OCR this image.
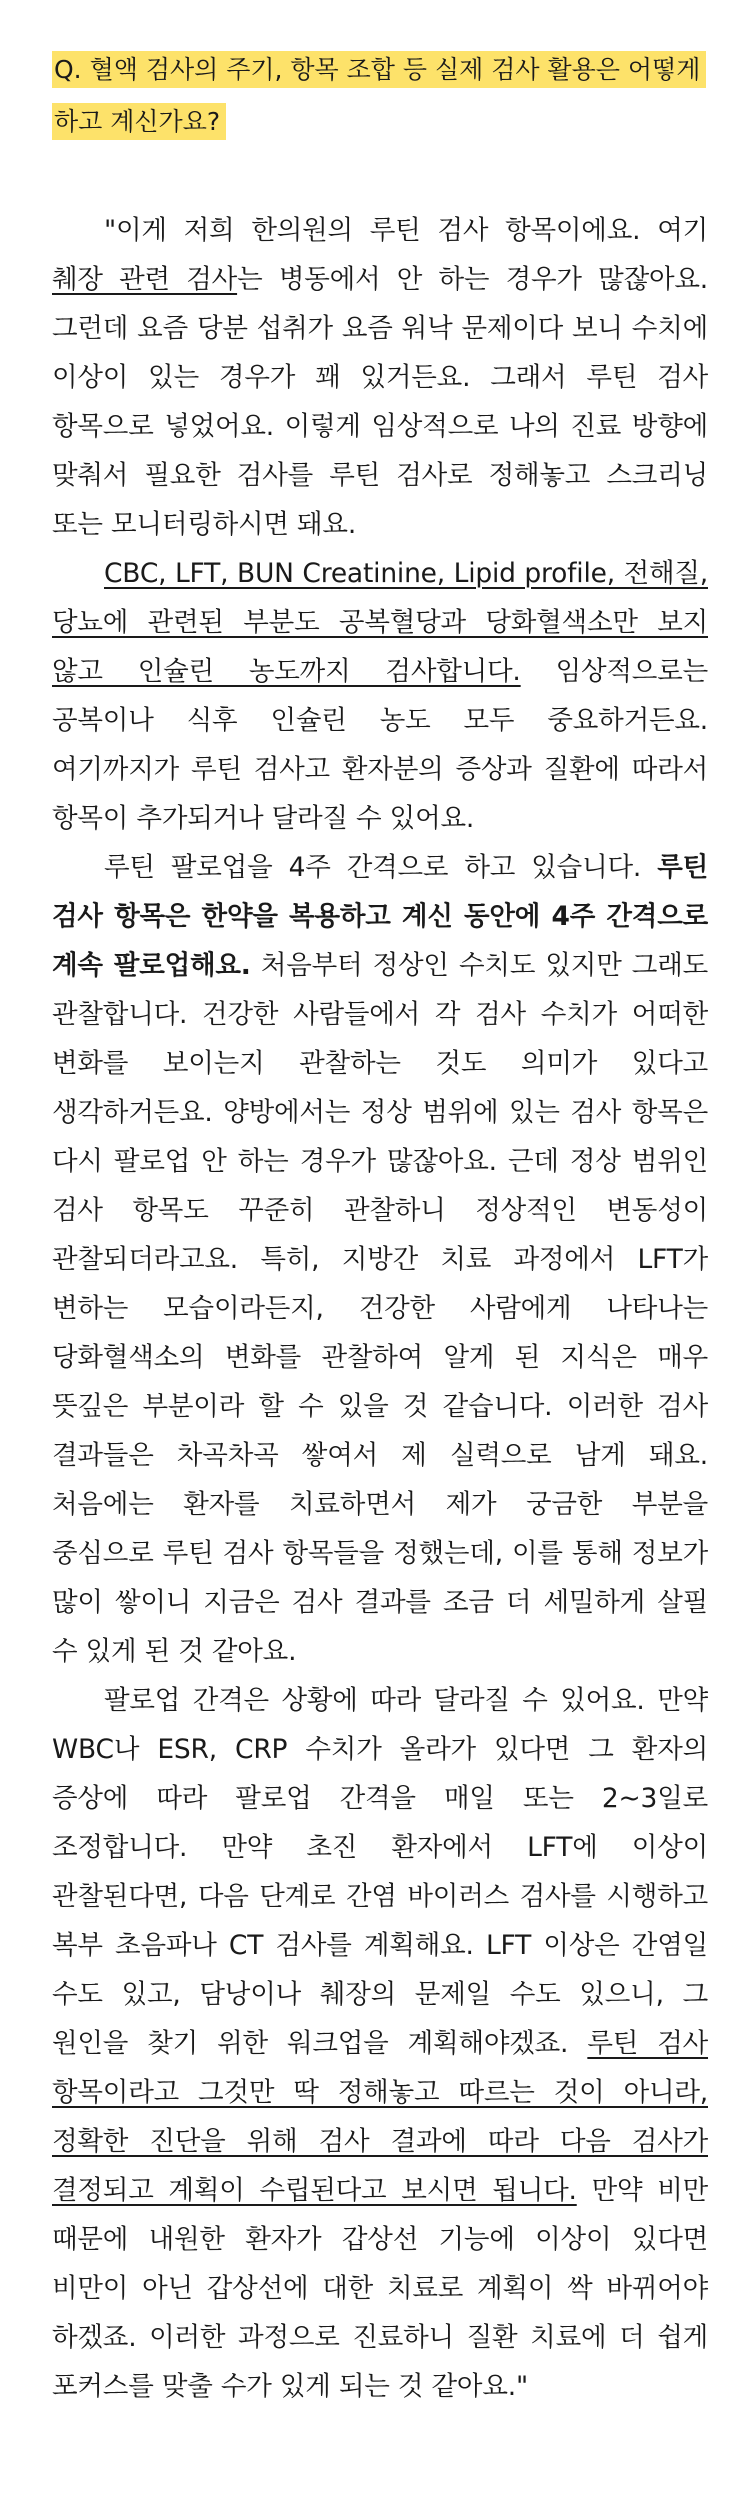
Q. 혈액 검사의 주기, 항목 조합 등 실제 검사 활용은 어떻게 하고 계신가요?

"이게 저희 한의원의 루틴 검사 항목이에요. 여기 췌장 관련 검사는 병동에서 안 하는 경우가 많잖아요. 그런데 요즘 당분 섭취가 요즘 워낙 문제이다 보니 수치에 이상이 있는 경우가 꽤 있거든요. 그래서 루틴 검사 항목으로 넣었어요. 이렇게 임상적으로 나의 진료 방향에 맞춰서 필요한 검사를 루틴 검사로 정해놓고 스크리닝 또는 모니터링하시면 돼요.

CBC, LFT, BUN Creatinine, Lipid profile, 전해질, 당뇨에 관련된 부분도 공복혈당과 당화혈색소만 보지 않고 인슐린 농도까지 검사합니다. 임상적으로는 공복이나 식후 인슐린 농도 모두 중요하거든요. 여기까지가 루틴 검사고 환자분의 증상과 질환에 따라서 항목이 추가되거나 달라질 수 있어요.

루틴 팔로업을 4주 간격으로 하고 있습니다. 루틴 검사 항목은 한약을 복용하고 계신 동안에 4주 간격으로 계속 팔로업해요. 처음부터 정상인 수치도 있지만 그래도 관찰합니다. 건강한 사람들에서 각 검사 수치가 어떠한 변화를 보이는지 관찰하는 것도 의미가 있다고 생각하거든요. 양방에서는 정상 범위에 있는 검사 항목은 다시 팔로업 안 하는 경우가 많잖아요. 근데 정상 범위인 검사 항목도 꾸준히 관찰하니 정상적인 변동성이 관찰되더라고요. 특히, 지방간 치료 과정에서 LFT가 변하는 모습이라든지, 건강한 사람에게 나타나는 당화혈색소의 변화를 관찰하여 알게 된 지식은 매우 뜻깊은 부분이라 할 수 있을 것 같습니다. 이러한 검사 결과들은 차곡차곡 쌓여서 제 실력으로 남게 돼요. 처음에는 환자를 치료하면서 제가 궁금한 부분을 중심으로 루틴 검사 항목들을 정했는데, 이를 통해 정보가 많이 쌓이니 지금은 검사 결과를 조금 더 세밀하게 살필 수 있게 된 것 같아요.

팔로업 간격은 상황에 따라 달라질 수 있어요. 만약 WBC나 ESR, CRP 수치가 올라가 있다면 그 환자의 증상에 따라 팔로업 간격을 매일 또는 2~3일로 조정합니다. 만약 초진 환자에서 LFT에 이상이 관찰된다면, 다음 단계로 간염 바이러스 검사를 시행하고 복부 초음파나 CT 검사를 계획해요. LFT 이상은 간염일 수도 있고, 담낭이나 췌장의 문제일 수도 있으니, 그 원인을 찾기 위한 워크업을 계획해야겠죠. 루틴 검사 항목이라고 그것만 딱 정해놓고 따르는 것이 아니라, 정확한 진단을 위해 검사 결과에 따라 다음 검사가 결정되고 계획이 수립된다고 보시면 됩니다. 만약 비만 때문에 내원한 환자가 갑상선 기능에 이상이 있다면 비만이 아닌 갑상선에 대한 치료로 계획이 싹 바뀌어야 하겠죠. 이러한 과정으로 진료하니 질환 치료에 더 쉽게 포커스를 맞출 수가 있게 되는 것 같아요."
